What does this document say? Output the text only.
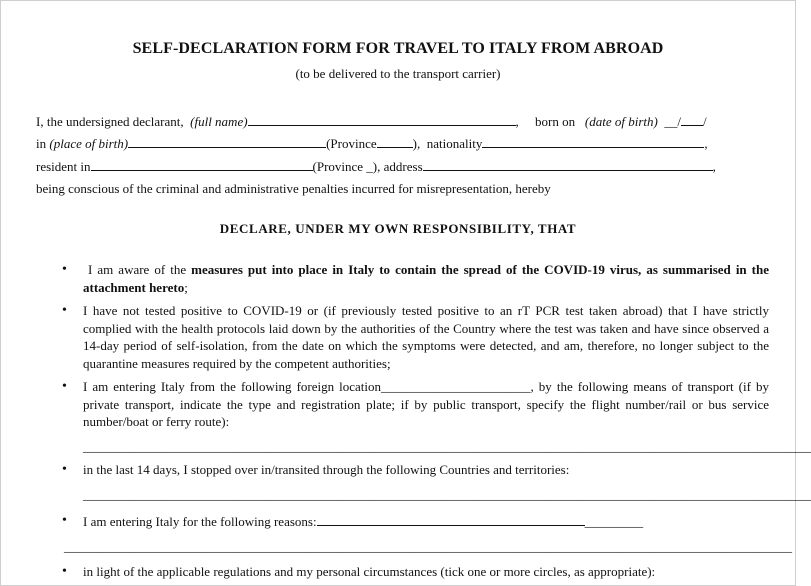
SELF-DECLARATION FORM FOR TRAVEL TO ITALY FROM ABROAD
(to be delivered to the transport carrier)
I, the undersigned declarant, (full name)	,     born on (date of birth) __/ /
in (place of birth)	(Province	), nationality	,
resident in	(Province _), address	,
being conscious of the criminal and administrative penalties incurred for misrepresentation, hereby
DECLARE, UNDER MY OWN RESPONSIBILITY, THAT
•	I am aware of the measures put into place in Italy to contain the spread of the COVID-19 virus, as summarised in the attachment hereto;
• I have not tested positive to COVID-19 or (if previously tested positive to an rT PCR test taken abroad) that I have strictly complied with the health protocols laid down by the authorities of the Country where the test was taken and have since observed a 14-day period of self-isolation, from the date on which the symptoms were detected, and am, therefore, no longer subject to the quarantine measures required by the competent authorities;
• I am entering Italy from the following foreign location_______________________, by the following means of transport (if by private transport, indicate the type and registration plate; if by public transport, specify the flight number/rail or bus service number/boat or ferry route):
________________________________________________________________________________________________________________
• in the last 14 days, I stopped over in/transited through the following Countries and territories:
________________________________________________________________________________________________________________
• I am entering Italy for the following reasons:	_________
________________________________________________________________________________________________________________
• in light of the applicable regulations and my personal circumstances (tick one or more circles, as appropriate):
